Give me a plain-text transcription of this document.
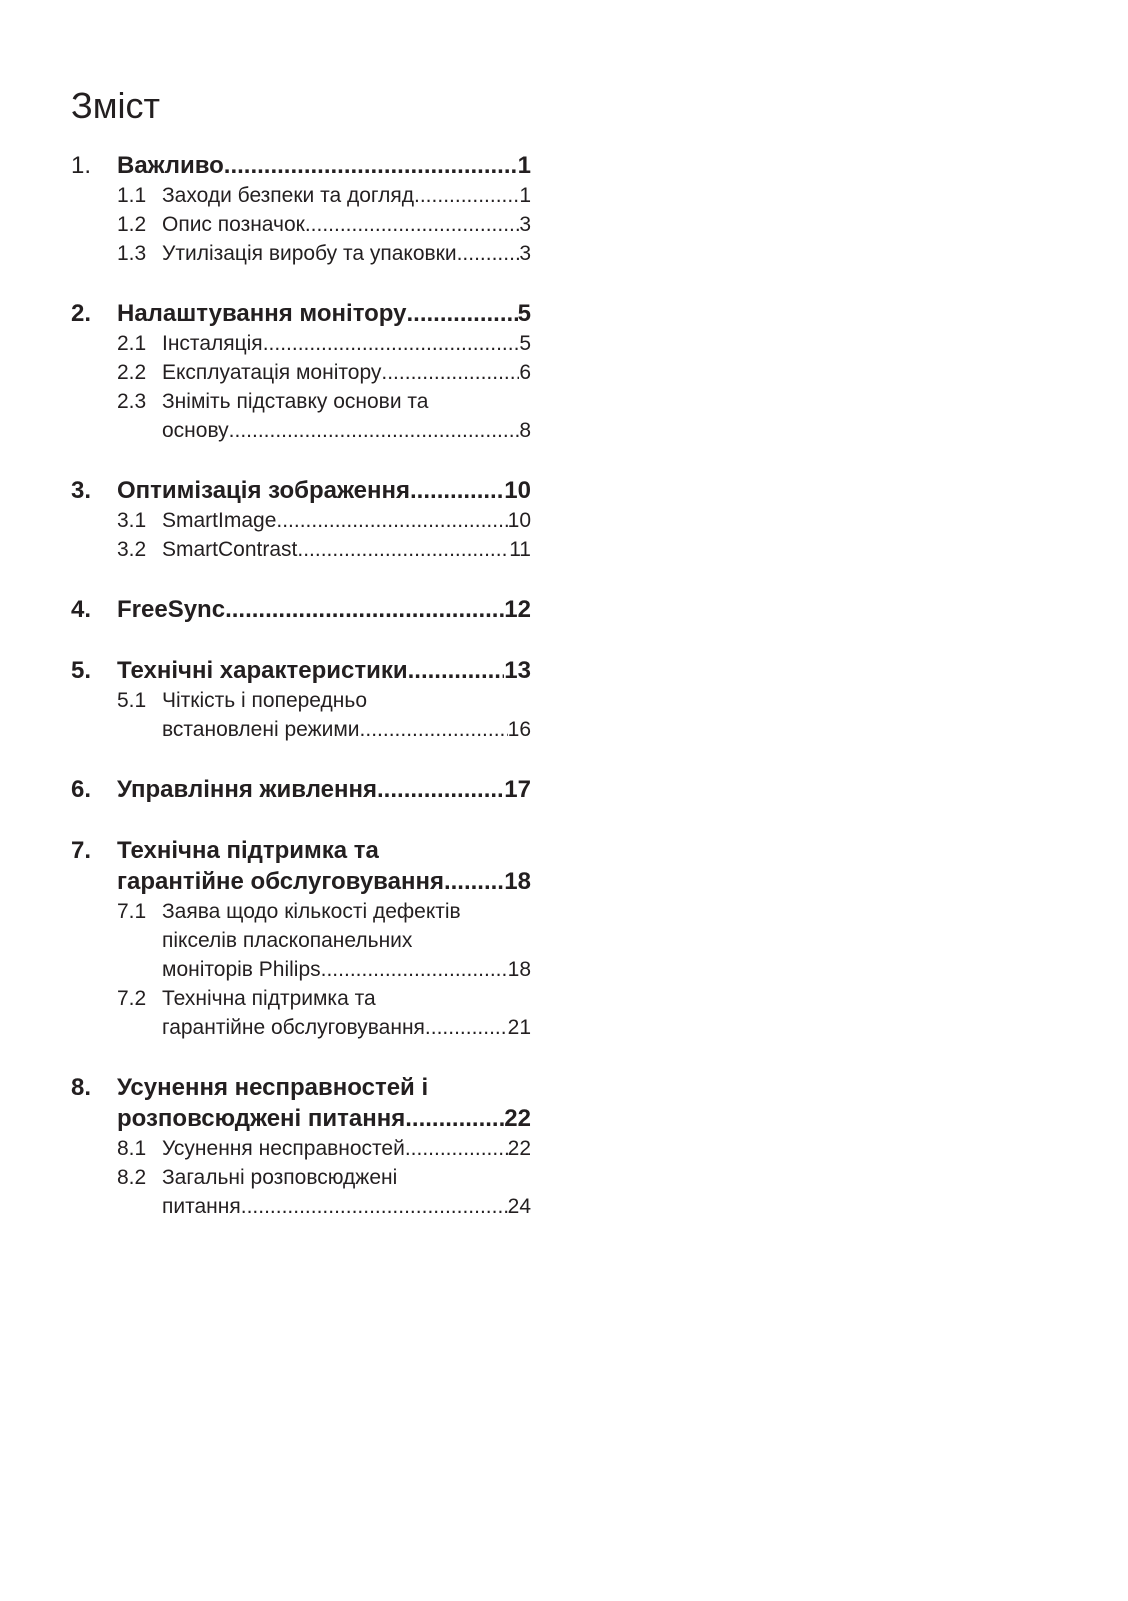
Зміст
1.	Важливо .....	1
1.1 Заходи безпеки та догляд .....	1
1.2 Опис позначок .....	3
1.3 Утилізація виробу та упаковки .....	3
2.	Налаштування монітору .....	5
2.1 Інсталяція .....	5
2.2 Експлуатація монітору .....	6
2.3 Зніміть підставку основи та
основу .....	8
3.	Оптимізація зображення .....	10
3.1 SmartImage .....	10
3.2 SmartContrast .....	11
4.	FreeSync .....	12
5.	Технічні характеристики .....	13
5.1 Чіткість і попередньо
встановлені режими .....	16
6.	Управління живлення .....	17
7.	Технічна підтримка та
гарантійне обслуговування .....	18
7.1 Заява щодо кількості дефектів
пікселів пласкопанельних
моніторів Philips .....	18
7.2 Технічна підтримка та
гарантійне обслуговування .....	21
8.	Усунення несправностей і
розповсюджені питання .....	22
8.1 Усунення несправностей .....	22
8.2 Загальні розповсюджені
питання .....	24
